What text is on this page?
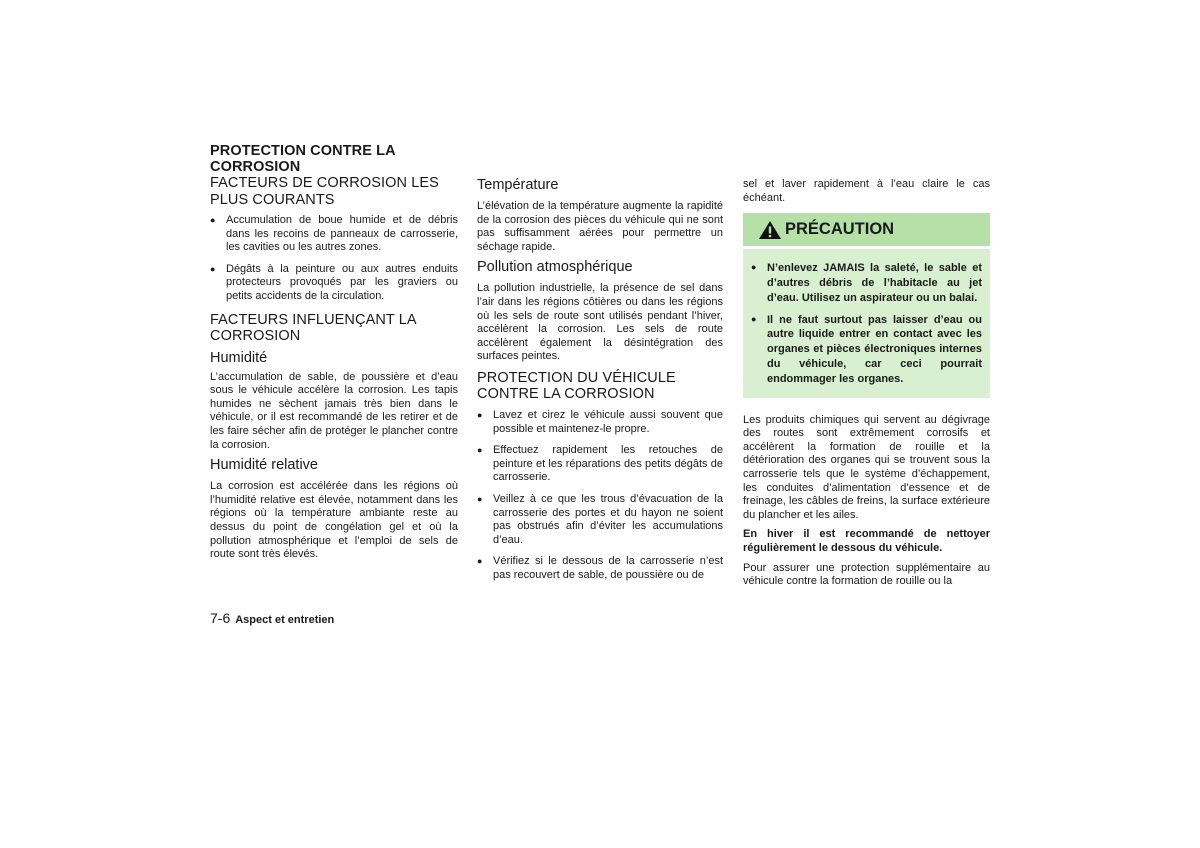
PROTECTION CONTRE LA CORROSION
FACTEURS DE CORROSION LES PLUS COURANTS
● Accumulation de boue humide et de débris dans les recoins de panneaux de carrosserie, les cavities ou les autres zones.
● Dégâts à la peinture ou aux autres enduits protecteurs provoqués par les graviers ou petits accidents de la circulation.
FACTEURS INFLUENÇANT LA CORROSION
Humidité

L’accumulation de sable, de poussière et d’eau sous le véhicule accélère la corrosion. Les tapis humides ne sèchent jamais très bien dans le véhicule, or il est recommandé de les retirer et de les faire sécher afin de protéger le plancher contre la corrosion.

Humidité relative

La corrosion est accélérée dans les régions où l’humidité relative est élevée, notamment dans les régions où la température ambiante reste au dessus du point de congélation gel et où la pollution atmosphérique et l’emploi de sels de route sont très élevés.

Température

L’élévation de la température augmente la rapidité de la corrosion des pièces du véhicule qui ne sont pas suffisamment aérées pour permettre un séchage rapide.

Pollution atmosphérique

La pollution industrielle, la présence de sel dans l’air dans les régions côtières ou dans les régions où les sels de route sont utilisés pendant l’hiver, accélèrent la corrosion. Les sels de route accélèrent également la désintégration des surfaces peintes.

PROTECTION DU VÉHICULE CONTRE LA CORROSION
● Lavez et cirez le véhicule aussi souvent que possible et maintenez-le propre.
● Effectuez rapidement les retouches de peinture et les réparations des petits dégâts de carrosserie.
● Veillez à ce que les trous d’évacuation de la carrosserie des portes et du hayon ne soient pas obstrués afin d’éviter les accumulations d’eau.
● Vérifiez si le dessous de la carrosserie n’est pas recouvert de sable, de poussière ou de

sel et laver rapidement à l’eau claire le cas échéant.

PRÉCAUTION
● N’enlevez JAMAIS la saleté, le sable et d’autres débris de l’habitacle au jet d’eau. Utilisez un aspirateur ou un balai.
● Il ne faut surtout pas laisser d’eau ou autre liquide entrer en contact avec les organes et pièces électroniques internes du véhicule, car ceci pourrait endommager les organes.

Les produits chimiques qui servent au dégivrage des routes sont extrêmement corrosifs et accélèrent la formation de rouille et la détérioration des organes qui se trouvent sous la carrosserie tels que le système d’échappement, les conduites d’alimentation d’essence et de freinage, les câbles de freins, la surface extérieure du plancher et les ailes.

En hiver il est recommandé de nettoyer régulièrement le dessous du véhicule.

Pour assurer une protection supplémentaire au véhicule contre la formation de rouille ou la

7-6 Aspect et entretien
